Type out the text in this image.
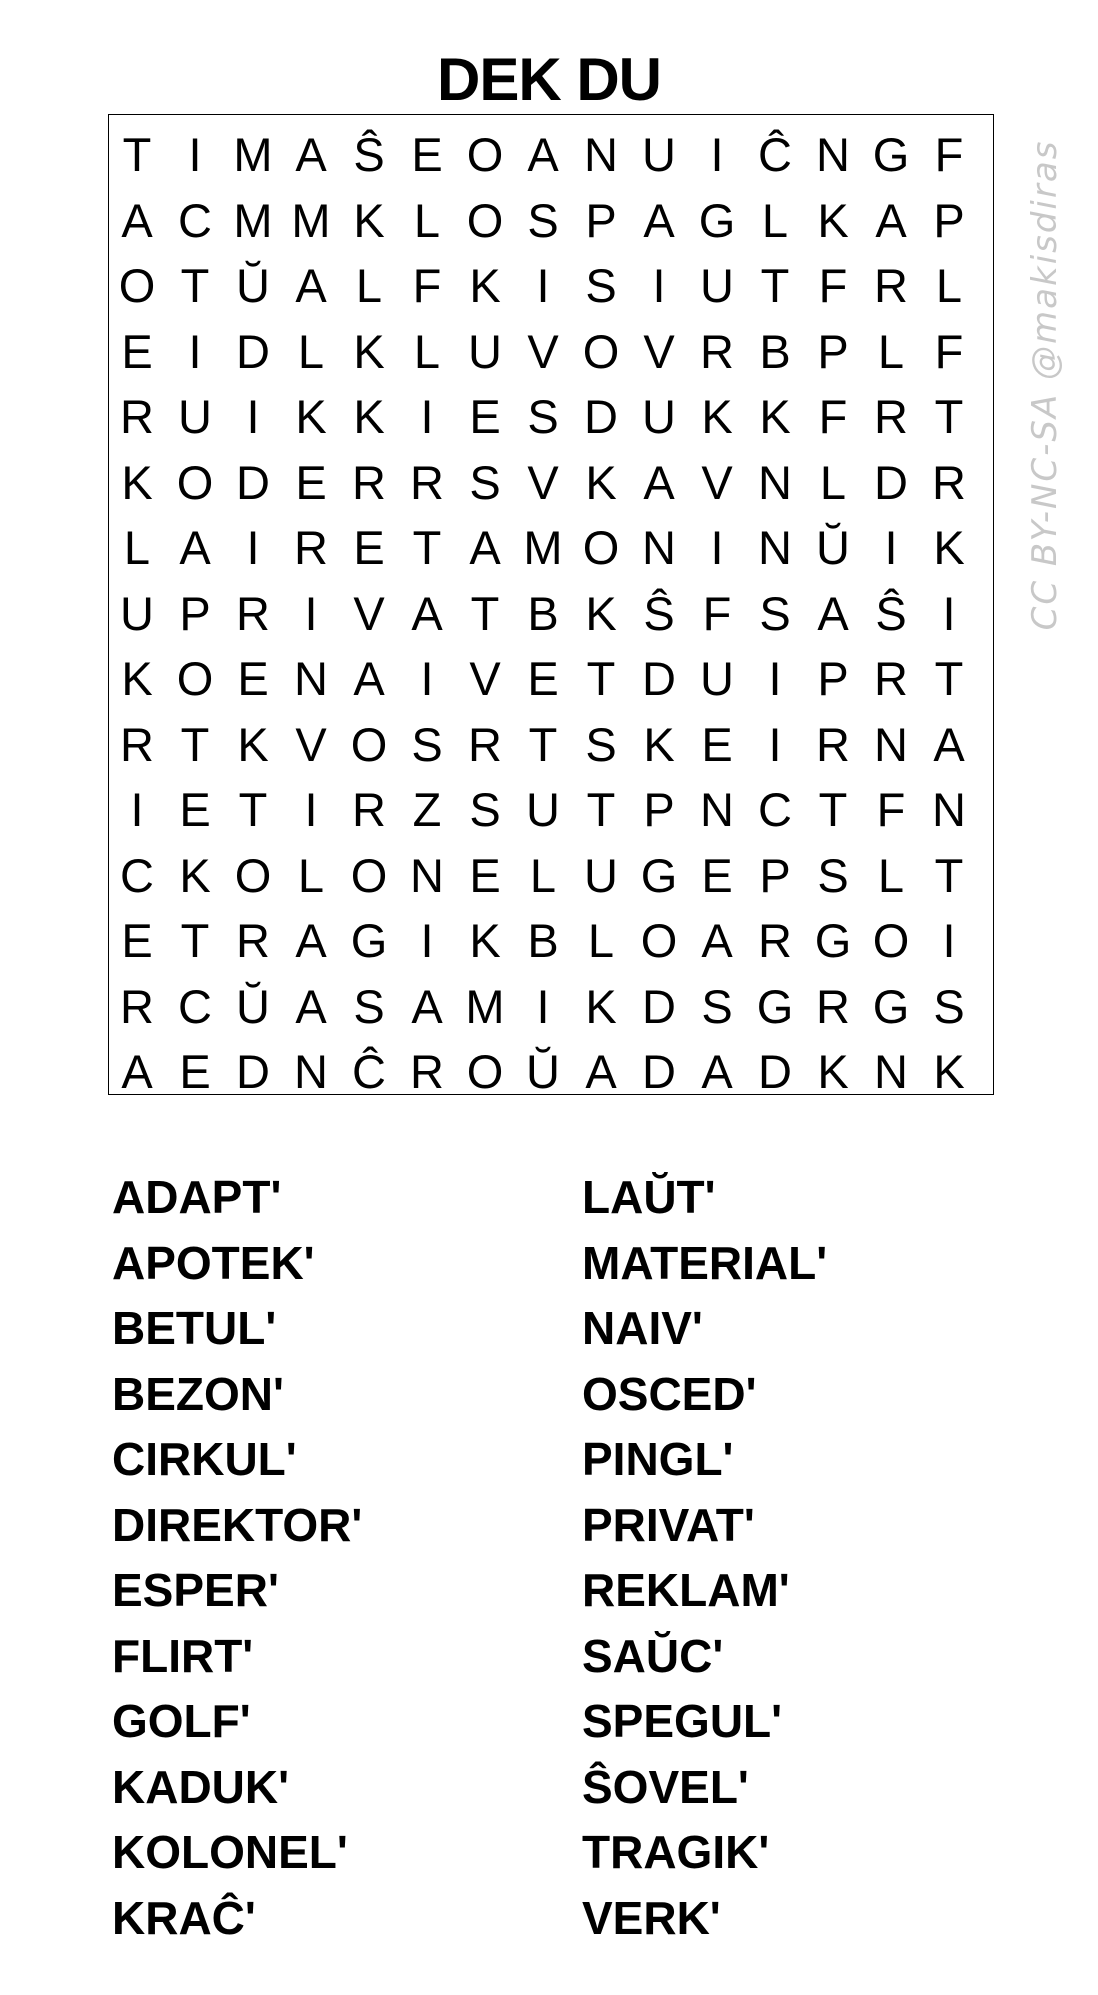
DEK DU
T I M A Ŝ E O A N U I Ĉ N G F
A C M M K L O S P A G L K A P
O T Ŭ A L F K I S I U T F R L
E I D L K L U V O V R B P L F
R U I K K I E S D U K K F R T
K O D E R R S V K A V N L D R
L A I R E T A M O N I N Ŭ I K
U P R I V A T B K Ŝ F S A Ŝ I
K O E N A I V E T D U I P R T
R T K V O S R T S K E I R N A
I E T I R Z S U T P N C T F N
C K O L O N E L U G E P S L T
E T R A G I K B L O A R G O I
R C Ŭ A S A M I K D S G R G S
A E D N Ĉ R O Ŭ A D A D K N K
CC BY-NC-SA @makisdiras
ADAPT'
APOTEK'
BETUL'
BEZON'
CIRKUL'
DIREKTOR'
ESPER'
FLIRT'
GOLF'
KADUK'
KOLONEL'
KRAĈ'
LAŬT'
MATERIAL'
NAIV'
OSCED'
PINGL'
PRIVAT'
REKLAM'
SAŬC'
SPEGUL'
ŜOVEL'
TRAGIK'
VERK'
